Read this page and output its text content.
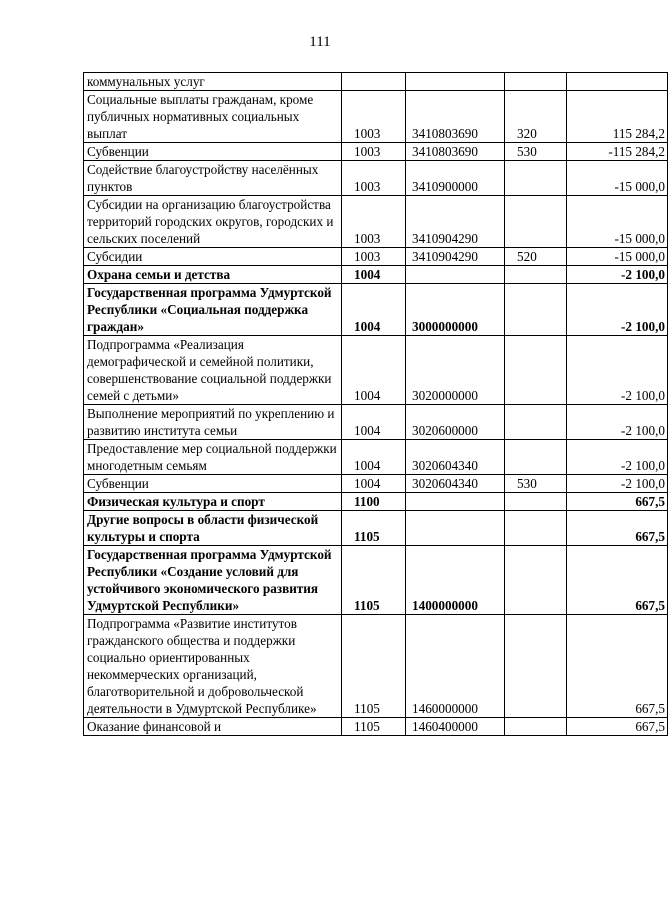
111
коммунальных услуг				
Социальные выплаты гражданам, кроме публичных нормативных социальных выплат	1003	3410803690	320	115 284,2
Субвенции	1003	3410803690	530	-115 284,2
Содействие благоустройству населённых пунктов	1003	3410900000		-15 000,0
Субсидии на организацию благоустройства территорий городских округов, городских и сельских поселений	1003	3410904290		-15 000,0
Субсидии	1003	3410904290	520	-15 000,0
Охрана семьи и детства	1004			-2 100,0
Государственная программа Удмуртской Республики «Социальная поддержка граждан»	1004	3000000000		-2 100,0
Подпрограмма «Реализация демографической и семейной политики, совершенствование социальной поддержки семей с детьми»	1004	3020000000		-2 100,0
Выполнение мероприятий по укреплению и развитию института семьи	1004	3020600000		-2 100,0
Предоставление мер социальной поддержки многодетным семьям	1004	3020604340		-2 100,0
Субвенции	1004	3020604340	530	-2 100,0
Физическая культура и спорт	1100			667,5
Другие вопросы в области физической культуры и спорта	1105			667,5
Государственная программа Удмуртской Республики «Создание условий для устойчивого экономического развития Удмуртской Республики»	1105	1400000000		667,5
Подпрограмма «Развитие институтов гражданского общества и поддержки социально ориентированных некоммерческих организаций, благотворительной и добровольческой деятельности в Удмуртской Республике»	1105	1460000000		667,5
Оказание финансовой и	1105	1460400000		667,5
